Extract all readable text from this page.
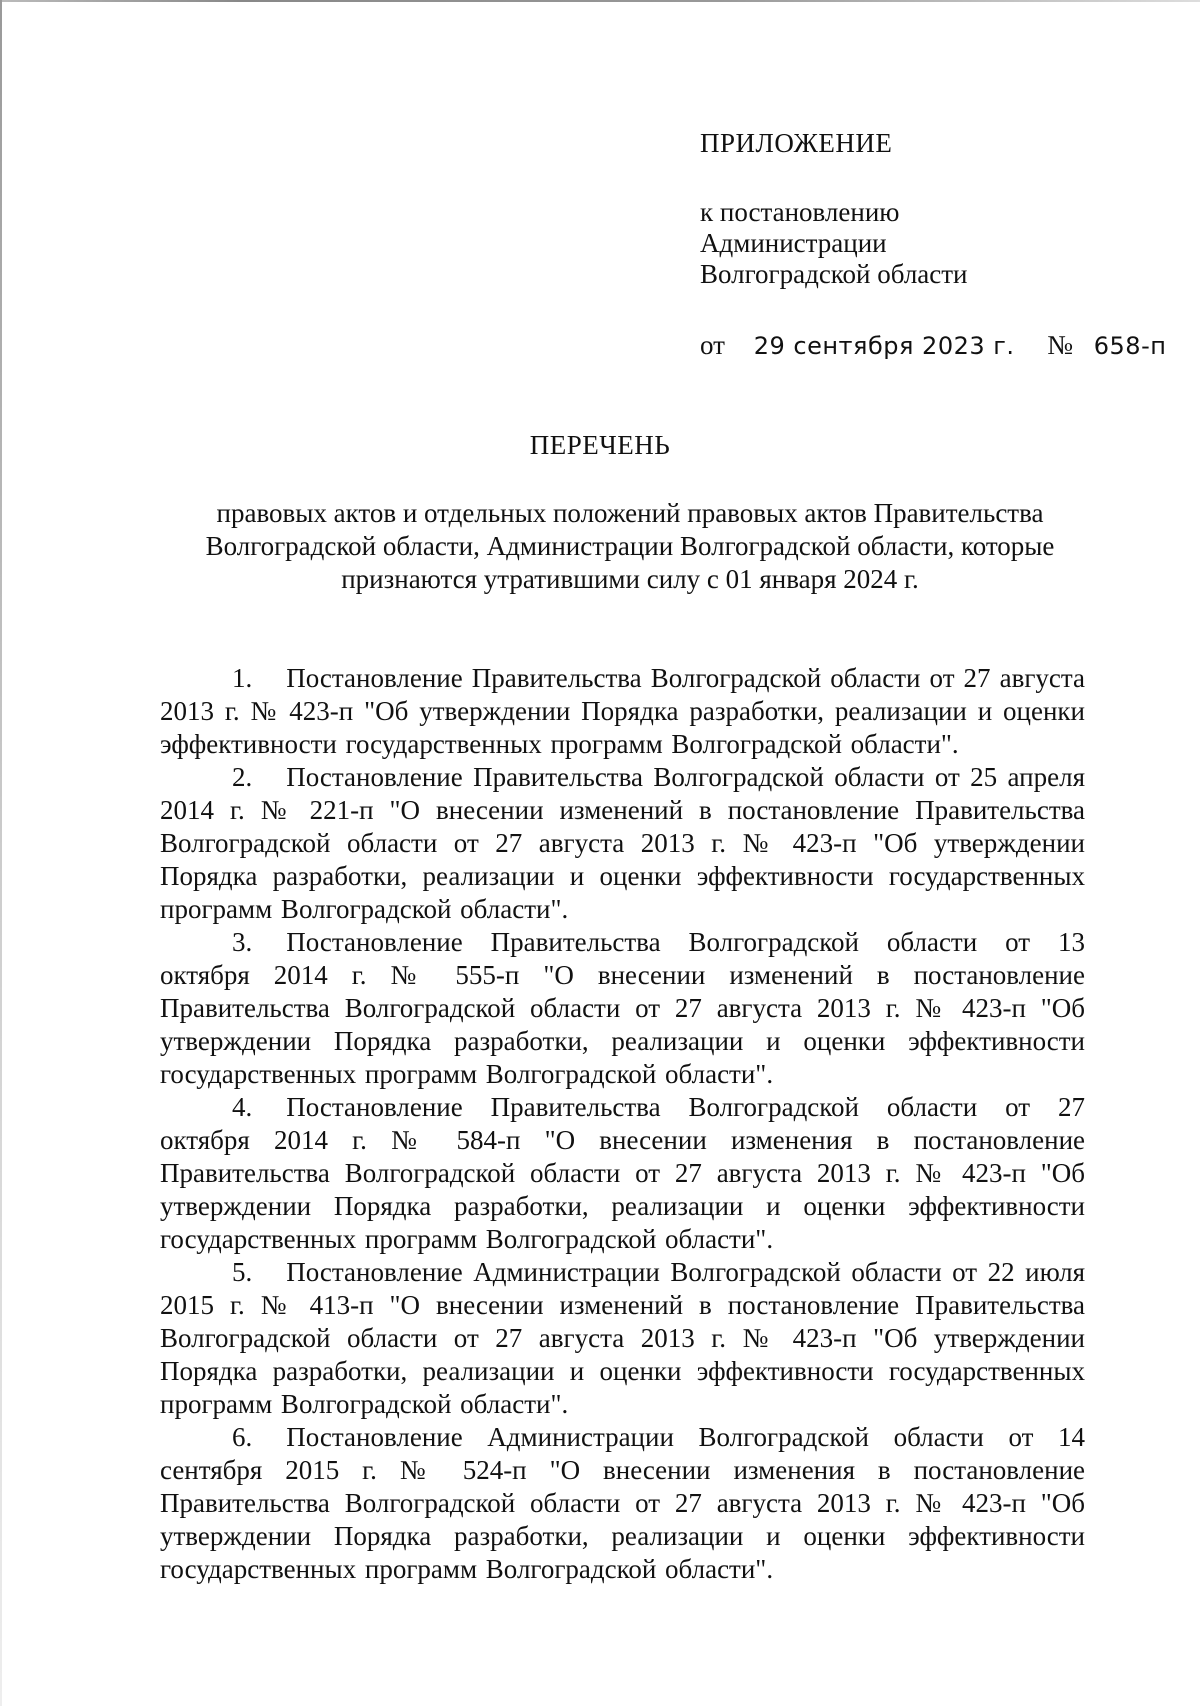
ПРИЛОЖЕНИЕ
к постановлению
Администрации
Волгоградской области
от 29 сентября 2023 г. № 658-п
ПЕРЕЧЕНЬ
правовых актов и отдельных положений правовых актов Правительства Волгоградской области, Администрации Волгоградской области, которые признаются утратившими силу с 01 января 2024 г.

1. Постановление Правительства Волгоградской области от 27 августа 2013 г. № 423-п "Об утверждении Порядка разработки, реализации и оценки эффективности государственных программ Волгоградской области".

2. Постановление Правительства Волгоградской области от 25 апреля 2014 г. № 221-п "О внесении изменений в постановление Правительства Волгоградской области от 27 августа 2013 г. № 423-п "Об утверждении Порядка разработки, реализации и оценки эффективности государственных программ Волгоградской области".

3. Постановление Правительства Волгоградской области от 13 октября 2014 г. № 555-п "О внесении изменений в постановление Правительства Волгоградской области от 27 августа 2013 г. № 423-п "Об утверждении Порядка разработки, реализации и оценки эффективности государственных программ Волгоградской области".

4. Постановление Правительства Волгоградской области от 27 октября 2014 г. № 584-п "О внесении изменения в постановление Правительства Волгоградской области от 27 августа 2013 г. № 423-п "Об утверждении Порядка разработки, реализации и оценки эффективности государственных программ Волгоградской области".

5. Постановление Администрации Волгоградской области от 22 июля 2015 г. № 413-п "О внесении изменений в постановление Правительства Волгоградской области от 27 августа 2013 г. № 423-п "Об утверждении Порядка разработки, реализации и оценки эффективности государственных программ Волгоградской области".

6. Постановление Администрации Волгоградской области от 14 сентября 2015 г. № 524-п "О внесении изменения в постановление Правительства Волгоградской области от 27 августа 2013 г. № 423-п "Об утверждении Порядка разработки, реализации и оценки эффективности государственных программ Волгоградской области".
